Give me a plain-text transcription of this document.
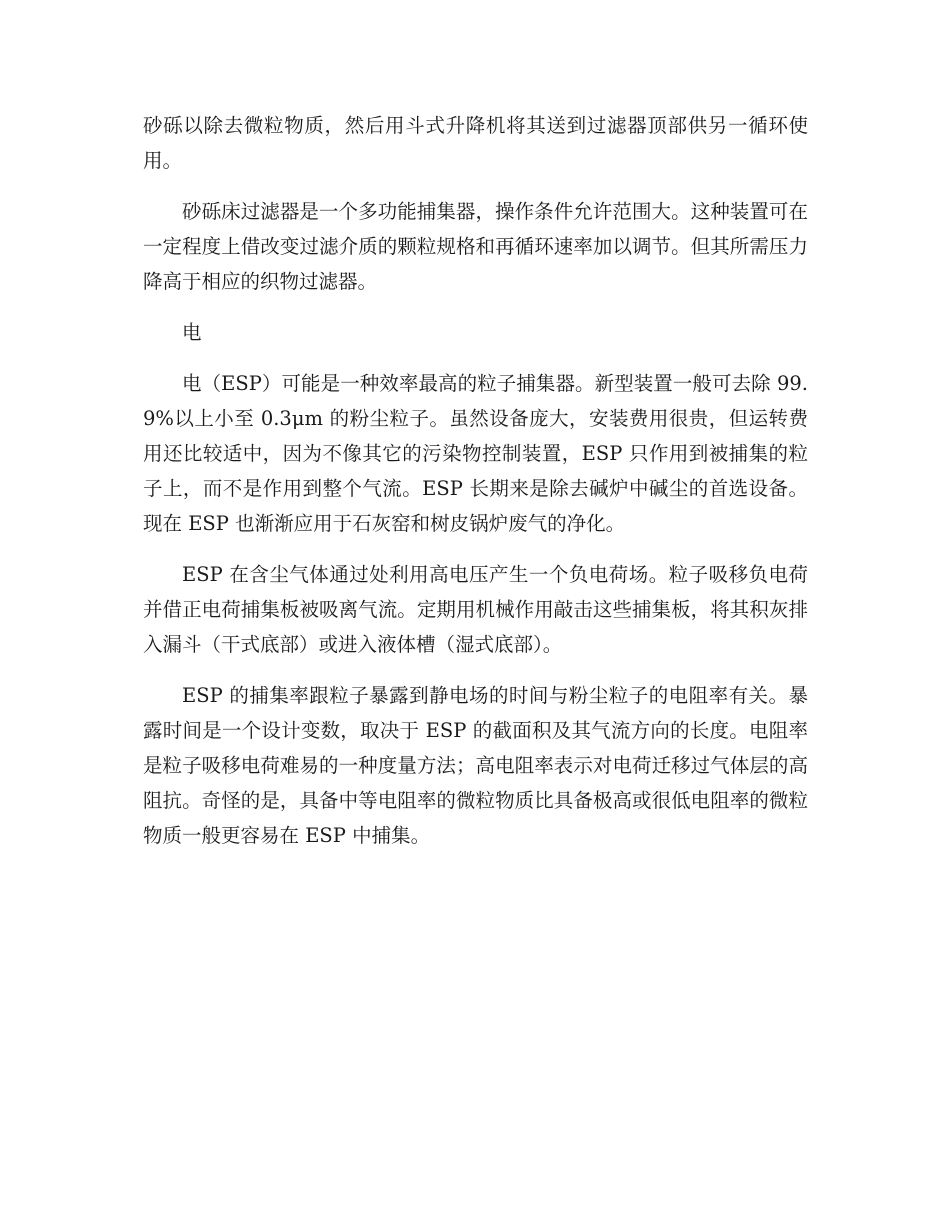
砂砾以除去微粒物质，然后用斗式升降机将其送到过滤器顶部供另一循环使用。

砂砾床过滤器是一个多功能捕集器，操作条件允许范围大。这种装置可在一定程度上借改变过滤介质的颗粒规格和再循环速率加以调节。但其所需压力降高于相应的织物过滤器。

电

电（ESP）可能是一种效率最高的粒子捕集器。新型装置一般可去除 99.9%以上小至 0.3μm 的粉尘粒子。虽然设备庞大，安装费用很贵，但运转费用还比较适中，因为不像其它的污染物控制装置，ESP 只作用到被捕集的粒子上，而不是作用到整个气流。ESP 长期来是除去碱炉中碱尘的首选设备。现在 ESP 也渐渐应用于石灰窑和树皮锅炉废气的净化。

ESP 在含尘气体通过处利用高电压产生一个负电荷场。粒子吸移负电荷并借正电荷捕集板被吸离气流。定期用机械作用敲击这些捕集板，将其积灰排入漏斗（干式底部）或进入液体槽（湿式底部）。

ESP 的捕集率跟粒子暴露到静电场的时间与粉尘粒子的电阻率有关。暴露时间是一个设计变数，取决于 ESP 的截面积及其气流方向的长度。电阻率是粒子吸移电荷难易的一种度量方法；高电阻率表示对电荷迁移过气体层的高阻抗。奇怪的是，具备中等电阻率的微粒物质比具备极高或很低电阻率的微粒物质一般更容易在 ESP 中捕集。
